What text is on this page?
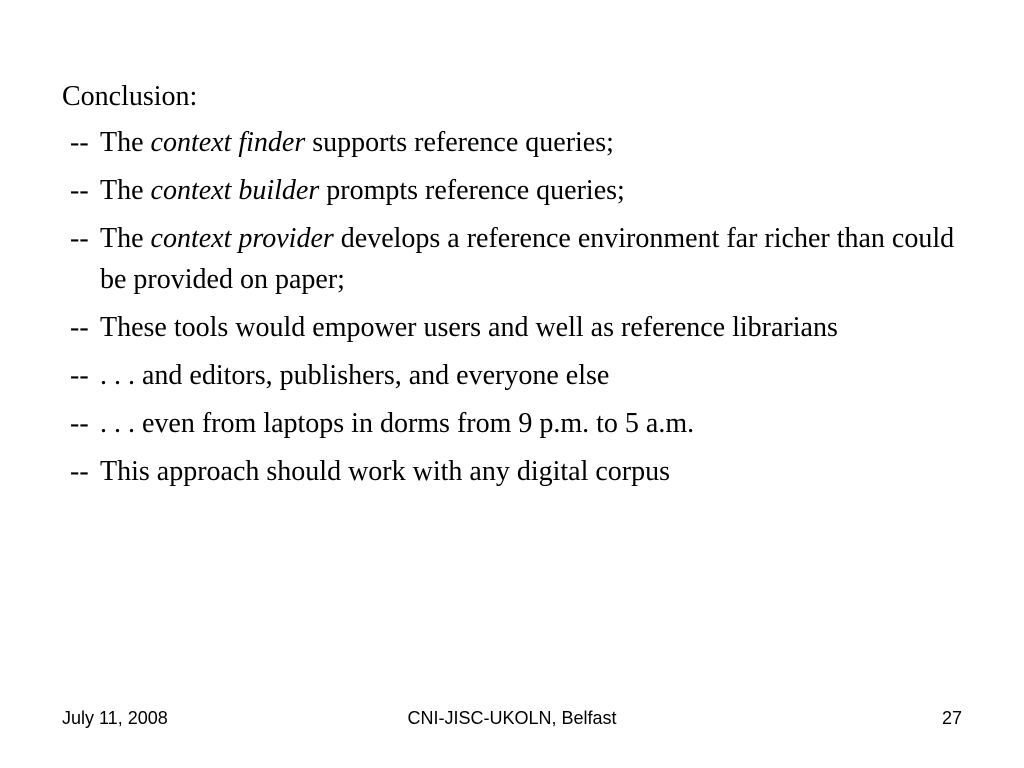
Conclusion:
-- The context finder supports reference queries;
-- The context builder prompts reference queries;
-- The context provider develops a reference environment far richer than could be provided on paper;
-- These tools would empower users and well as reference librarians
-- . . . and editors, publishers, and everyone else
-- . . . even from laptops in dorms from 9 p.m. to 5 a.m.
-- This approach should work with any digital corpus
July 11, 2008	CNI-JISC-UKOLN, Belfast	27
